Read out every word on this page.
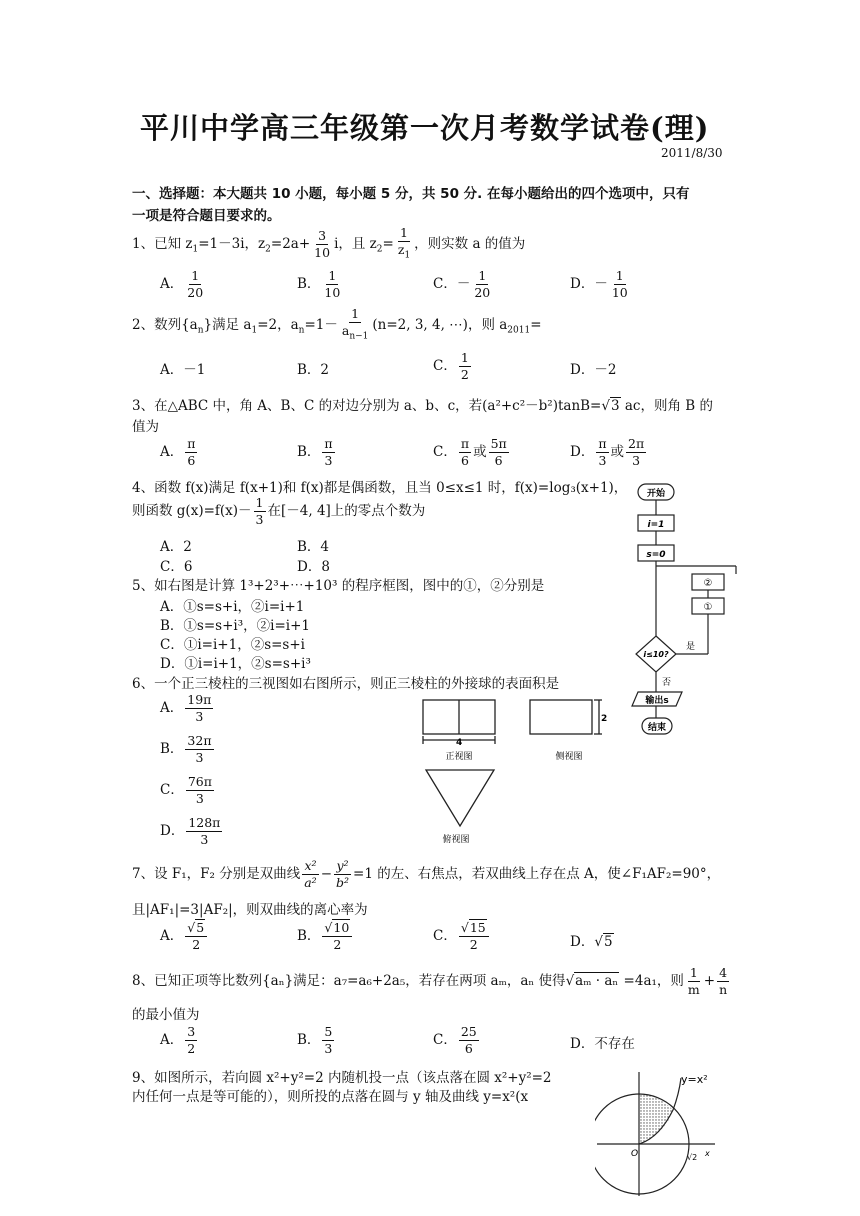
平川中学高三年级第一次月考数学试卷(理)
2011/8/30
一、选择题：本大题共 10 小题，每小题 5 分，共 50 分. 在每小题给出的四个选项中，只有
一项是符合题目要求的。
1、已知 $z_1=1-3i$，$z_2=2a+ \frac{3}{10}$ i，且 $z_2= \frac{1}{z_1}$ ，则实数 a 的值为
A． $\frac{1}{20}$	B． $\frac{1}{10}$	C．－ $\frac{1}{20}$	D．－ $\frac{1}{10}$
2、数列$\{a_n\}$满足 $a_1=2$，$a_n=1- \frac{1}{a_{n-1}} (n=2$, 3, 4, ⋯)，则 $a_{2011}=$
A．－1	B．2	C． $\frac{1}{2}$	D．－2
3、在△ABC 中，角 A、B、C 的对边分别为 a、b、c，若(a²+c²－b²)tanB=√3 ac，则角 B 的
值为
A． $\frac{\pi}{6}$	B． $\frac{\pi}{3}$	C． $\frac{\pi}{6}$ 或 $\frac{5\pi}{6}$	D． $\frac{\pi}{3}$ 或 $\frac{2\pi}{3}$
4、函数 f(x)满足 f(x+1)和 f(x)都是偶函数，且当 0≤x≤1 时，f(x)=log₃(x+1)，
则函数 $g(x)=f(x)- \frac{1}{3}$ 在[－4, 4]上的零点个数为
A．2	B．4
C．6	D．8
5、如右图是计算 1³+2³+⋯+10³ 的程序框图，图中的①，②分别是
A．①s=s+i，②i=i+1
B．①s=s+i³，②i=i+1
C．①i=i+1，②s=s+i
D．①i=i+1，②s=s+i³
开始
i=1
s=0
②
①
i≤10?
是
否
输出s
结束
6、一个正三棱柱的三视图如右图所示，则正三棱柱的外接球的表面积是
A． $\frac{19\pi}{3}$
B． $\frac{32\pi}{3}$
C． $\frac{76\pi}{3}$
D． $\frac{128\pi}{3}$
4
2
正视图	侧视图
俯视图
7、设 F₁，F₂ 分别是双曲线 $\frac{\text{x²}}{\text{a²}} - \frac{\text{y²}}{\text{b²}} =1$ 的左、右焦点，若双曲线上存在点 A，使∠F₁AF₂=90°，
且|AF₁|=3|AF₂|，则双曲线的离心率为
A． $\frac{√5}{2}$	B． $\frac{√10}{2}$	C． $\frac{√15}{2}$	D．√5
8、已知正项等比数列{aₙ}满足：a₇=a₆+2a₅，若存在两项 aₘ，aₙ 使得√aₘ · aₙ =4a₁，则 $\frac{1}{m} + \frac{4}{n}$
的最小值为
A． $\frac{3}{2}$	B． $\frac{5}{3}$	C． $\frac{25}{6}$	D．不存在
9、如图所示，若向圆 x²+y²=2 内随机投一点（该点落在圆 x²+y²=2
内任何一点是等可能的），则所投的点落在圆与 y 轴及曲线 y=x²(x
y=x²
O	√2 x
